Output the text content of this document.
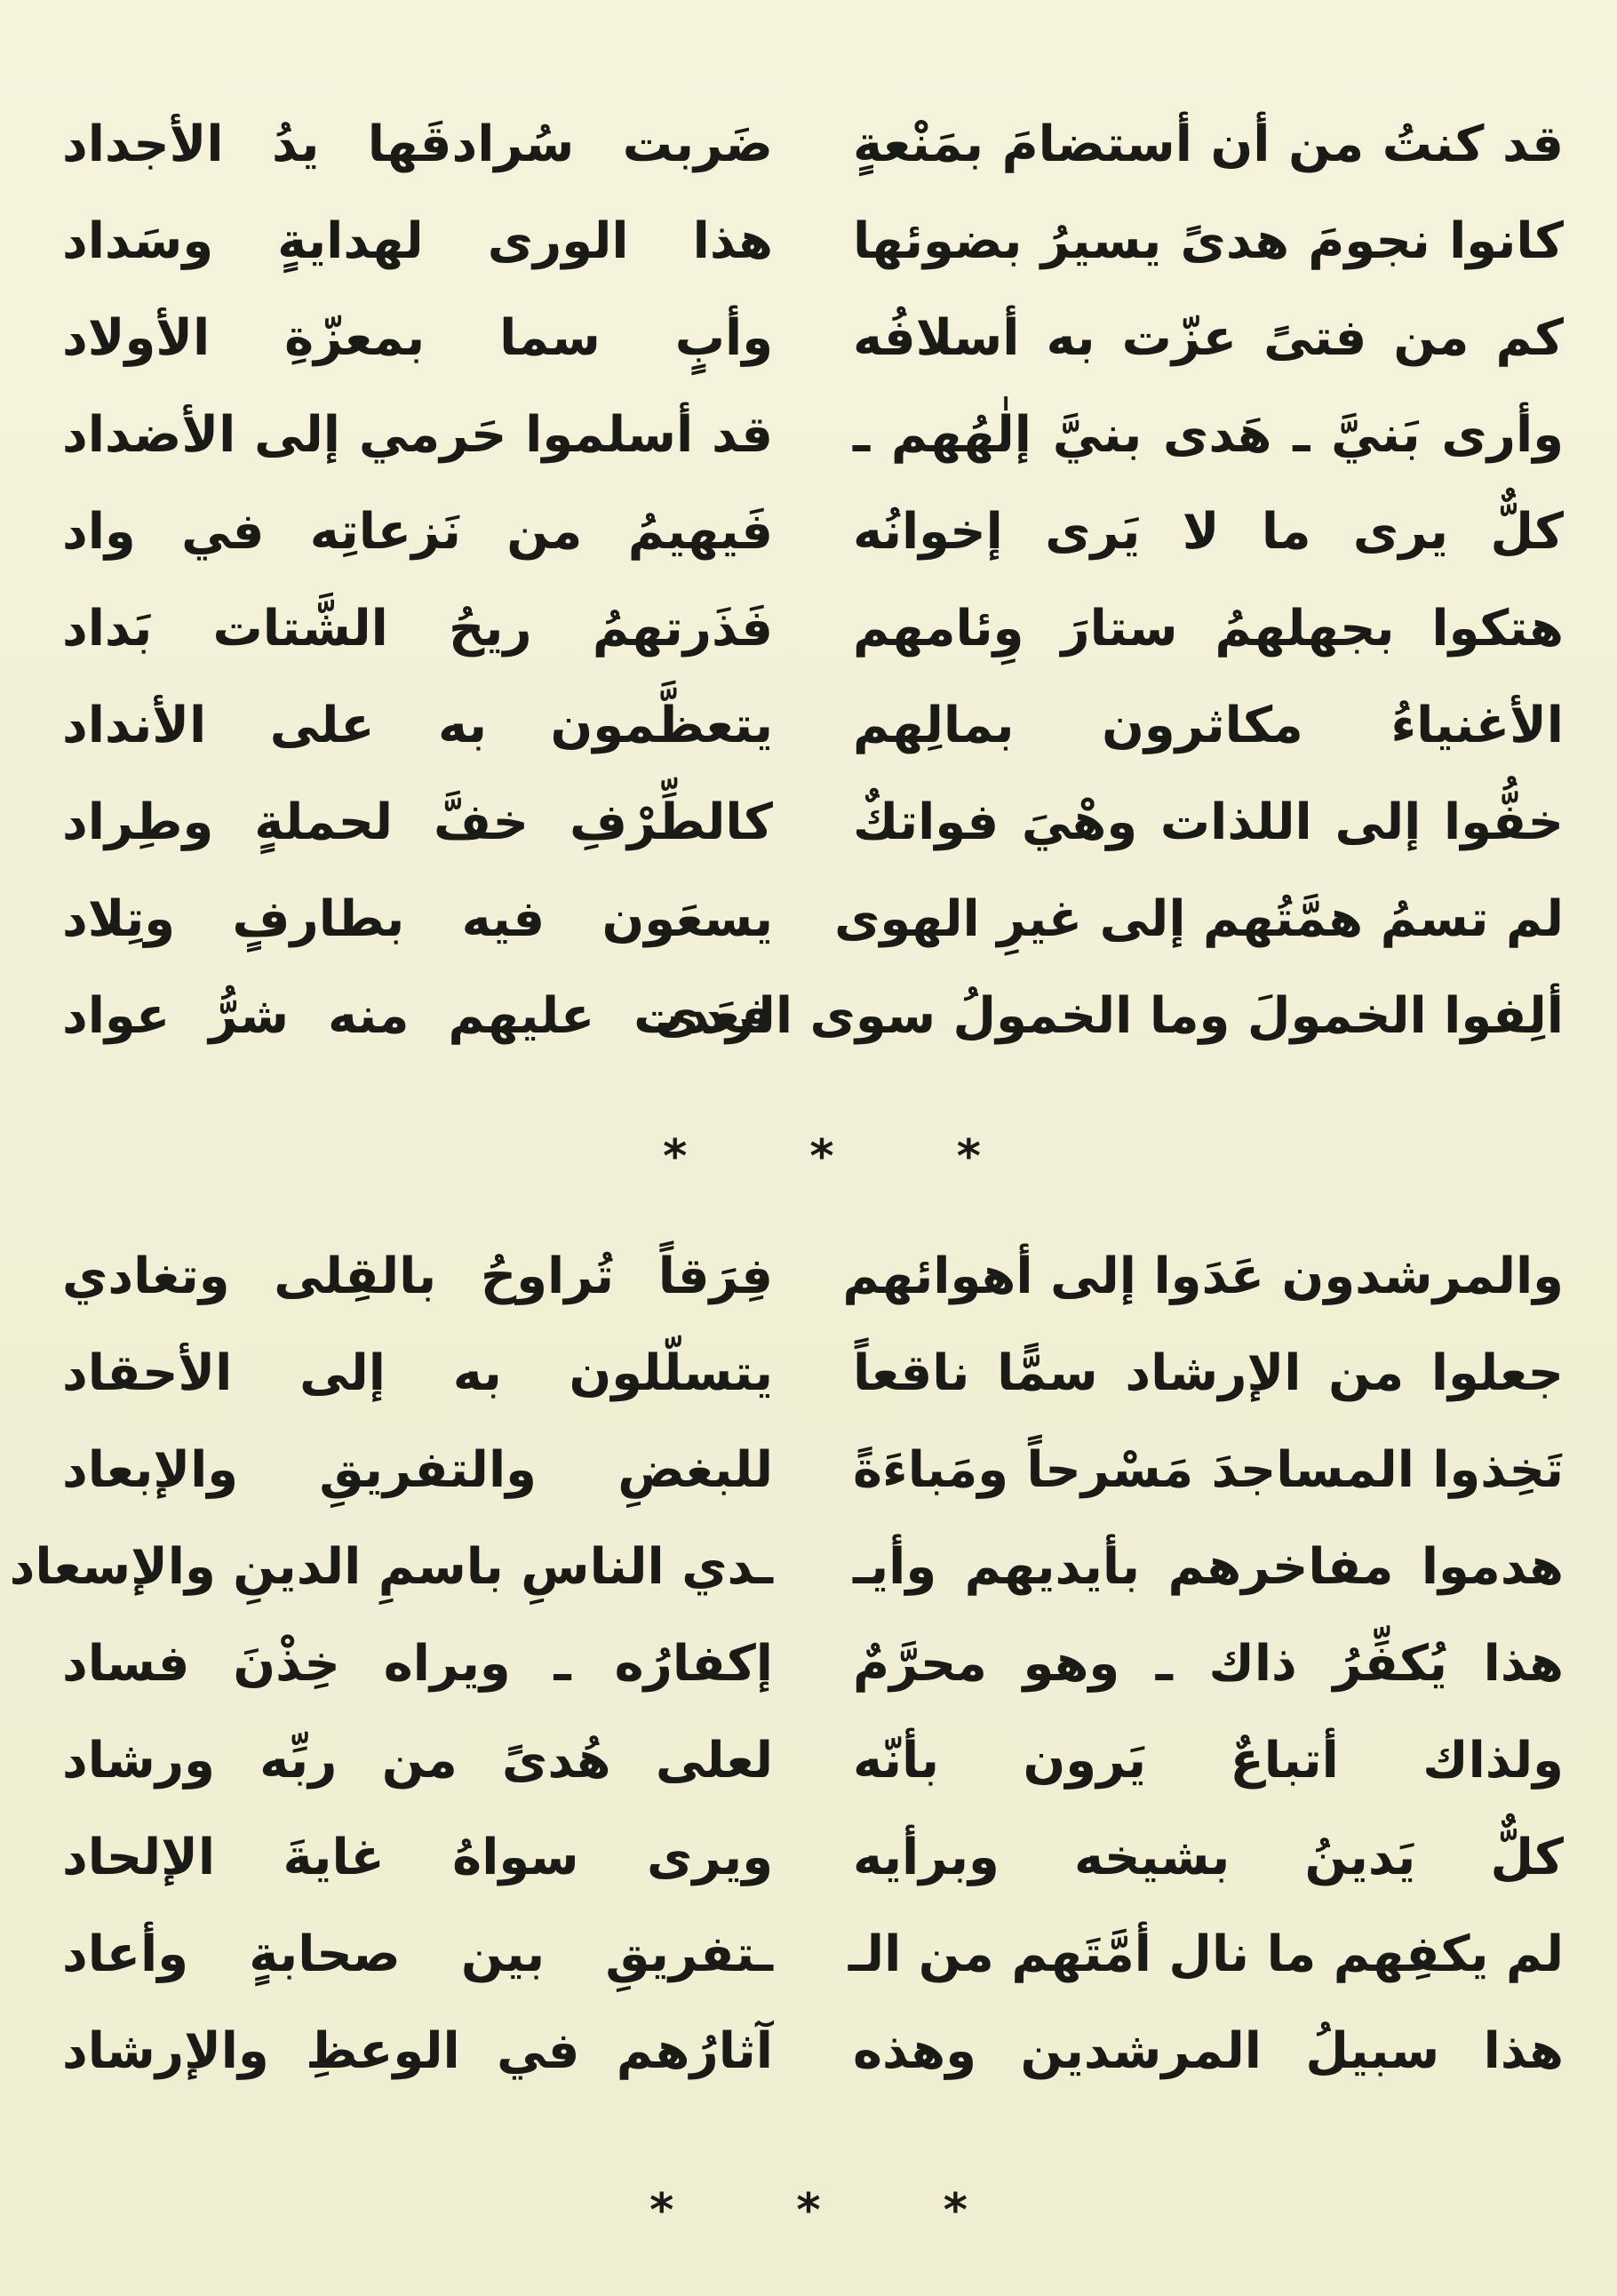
قد كنتُ من أن أستضامَ بمَنْعةٍ
ضَربت سُرادقَها يدُ الأجداد
كانوا نجومَ هدىً يسيرُ بضوئها
هذا الورى لهدايةٍ وسَداد
كم من فتىً عزّت به أسلافُه
وأبٍ سما بمعزّةِ الأولاد
وأرى بَنيَّ ـ هَدى بنيَّ إلٰهُهم ـ
قد أسلموا حَرمي إلى الأضداد
كلٌّ يرى ما لا يَرى إخوانُه
فَيهيمُ من نَزعاتِه في واد
هتكوا بجهلهمُ ستارَ وِئامهم
فَذَرتهمُ ريحُ الشَّتات بَداد
الأغنياءُ مكاثرون بمالِهم
يتعظَّمون به على الأنداد
خفُّوا إلى اللذات وهْيَ فواتكٌ
كالطِّرْفِ خفَّ لحملةٍ وطِراد
لم تسمُ همَّتُهم إلى غيرِ الهوى
يسعَون فيه بطارفٍ وتِلاد
ألِفوا الخمولَ وما الخمولُ سوى الردى
فعَدت عليهم منه شرُّ عواد
* * *
والمرشدون عَدَوا إلى أهوائهم
فِرَقاً تُراوحُ بالقِلى وتغادي
جعلوا من الإرشاد سمًّا ناقعاً
يتسلّلون به إلى الأحقاد
تَخِذوا المساجدَ مَسْرحاً ومَباءَةً
للبغضِ والتفريقِ والإبعاد
هدموا مفاخرهم بأيديهم وأيـ
ـدي الناسِ باسمِ الدينِ والإسعاد
هذا يُكفِّرُ ذاك ـ وهو محرَّمٌ
إكفارُه ـ ويراه خِذْنَ فساد
ولذاك أتباعٌ يَرون بأنّه
لعلى هُدىً من ربِّه ورشاد
كلٌّ يَدينُ بشيخه وبرأيه
ويرى سواهُ غايةَ الإلحاد
لم يكفِهم ما نال أمَّتَهم من الـ
ـتفريقِ بين صحابةٍ وأعاد
هذا سبيلُ المرشدين وهذه
آثارُهم في الوعظِ والإرشاد
* * *
